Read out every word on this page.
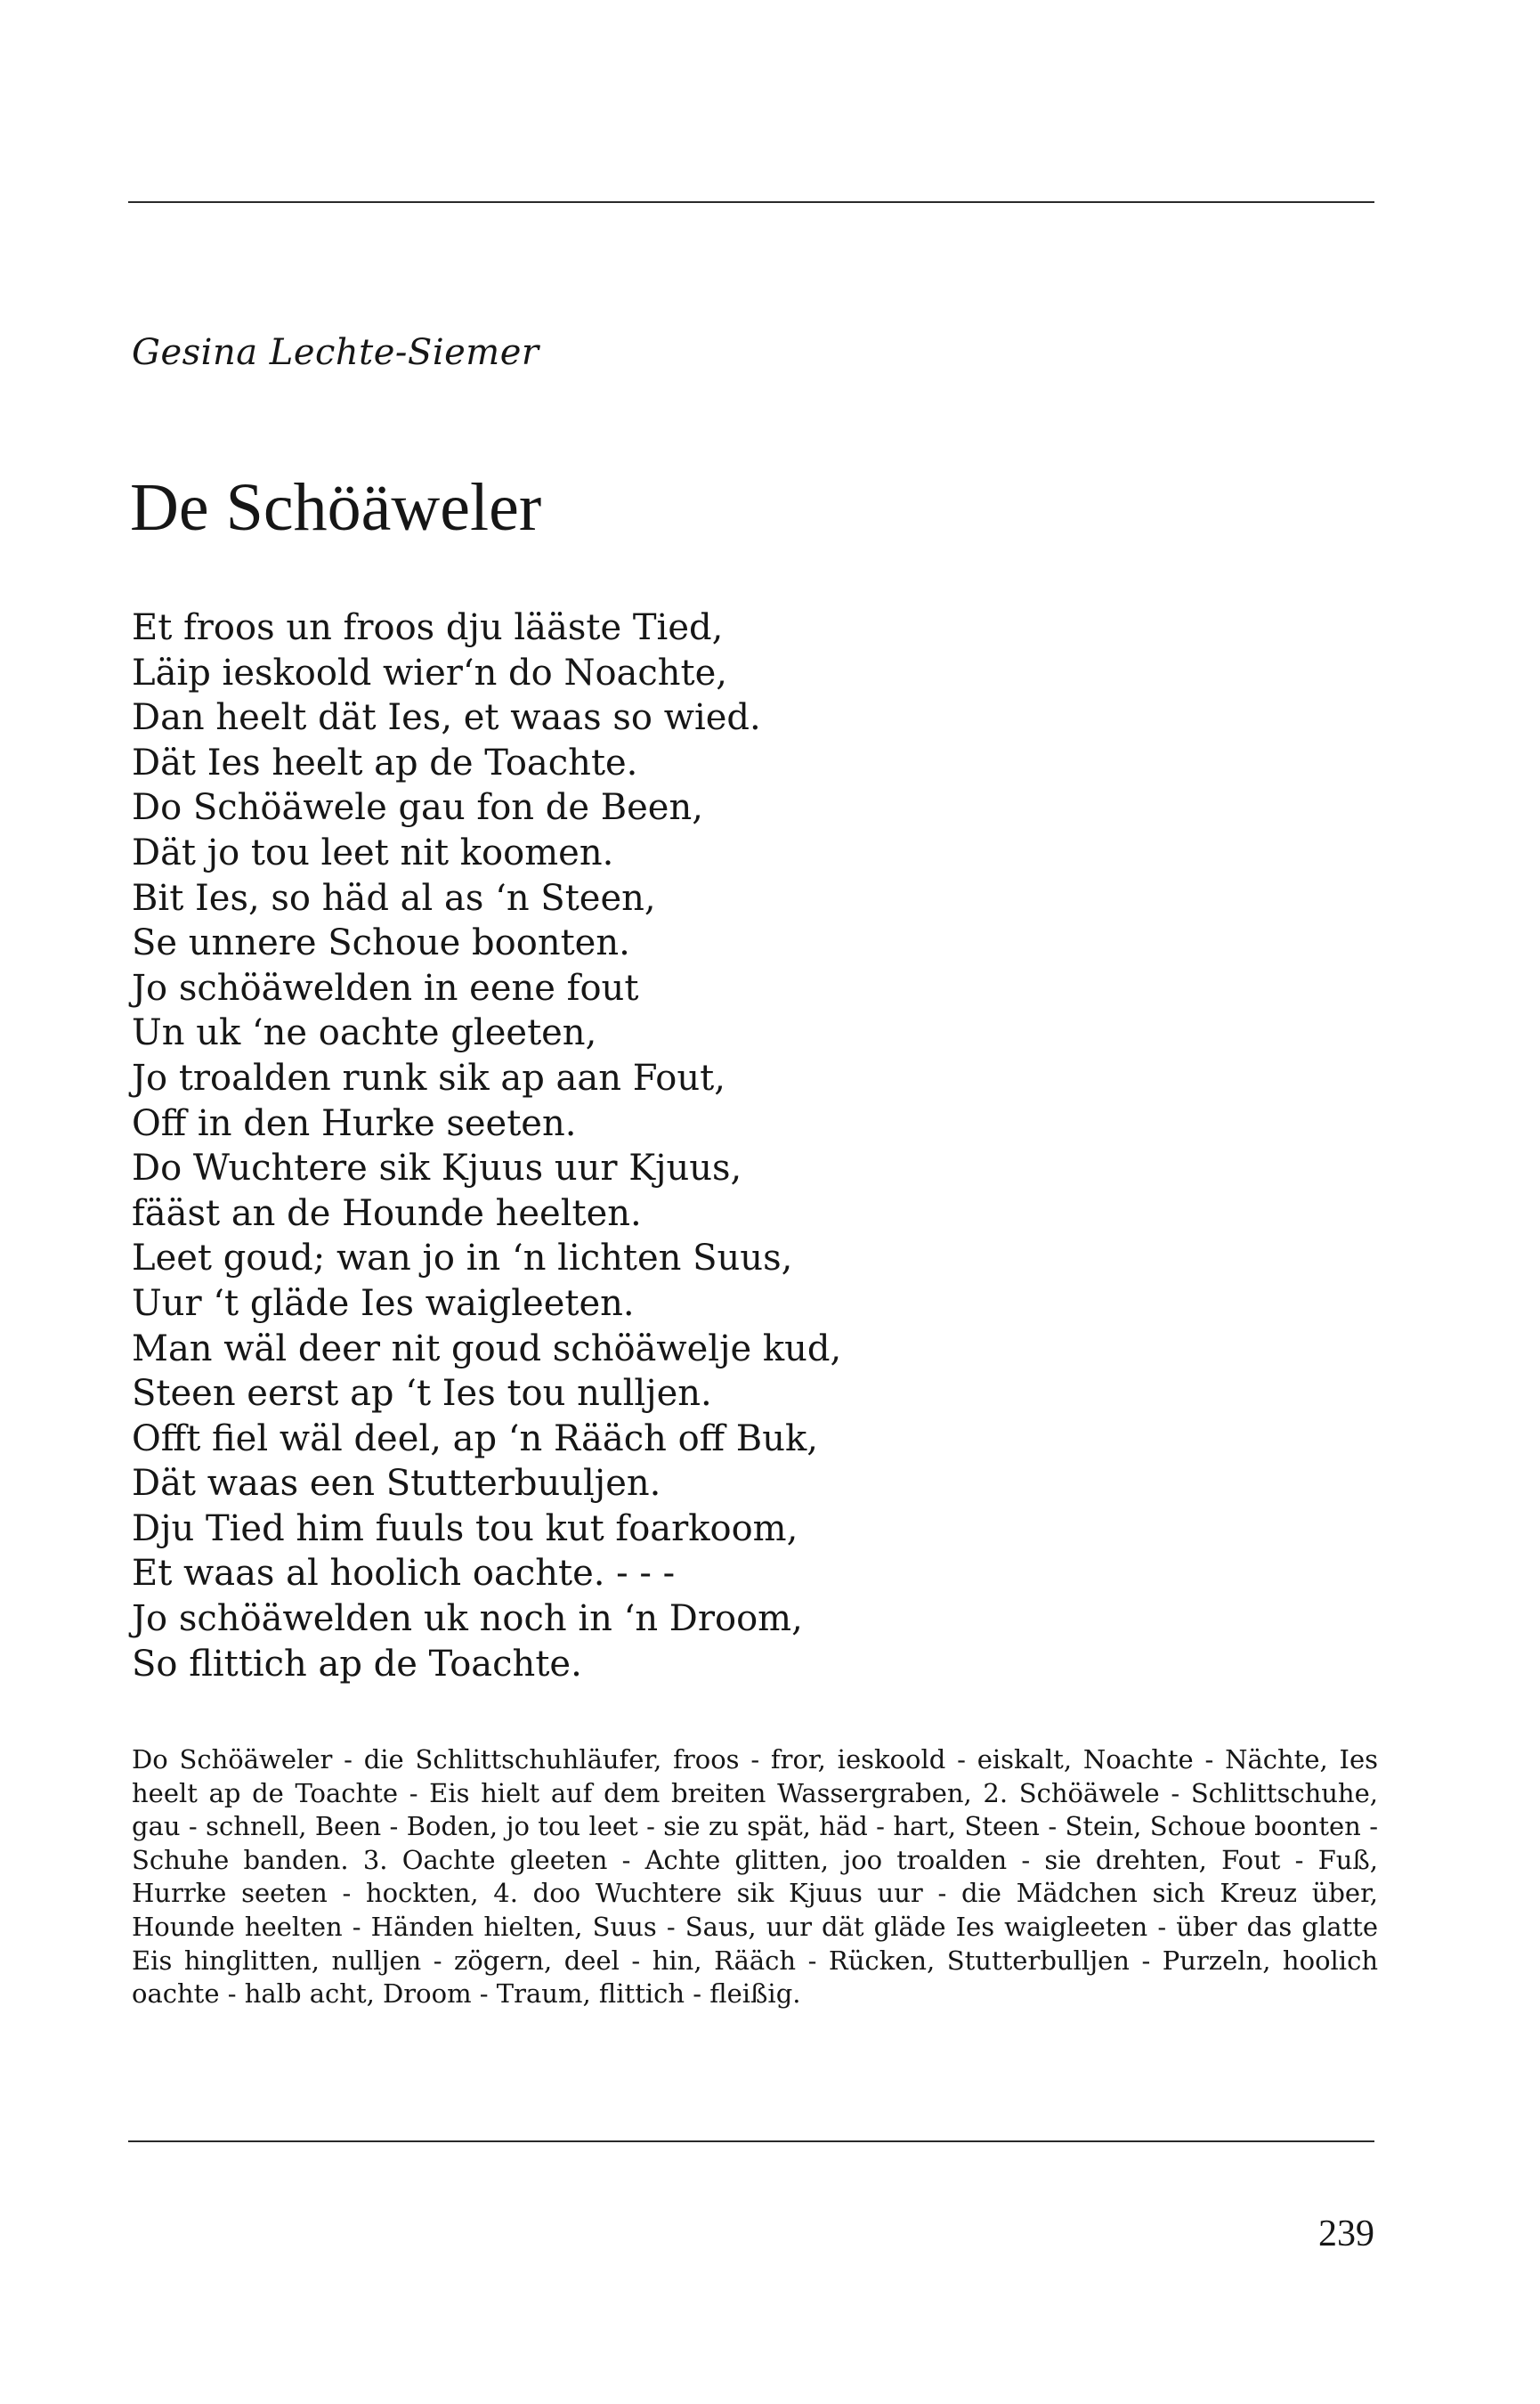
Gesina Lechte-Siemer
De Schöäweler
Et froos un froos dju lääste Tied,
Läip ieskoold wier‘n do Noachte,
Dan heelt dät Ies, et waas so wied.
Dät Ies heelt ap de Toachte.
Do Schöäwele gau fon de Been,
Dät jo tou leet nit koomen.
Bit Ies, so häd al as ‘n Steen,
Se unnere Schoue boonten.
Jo schöäwelden in eene fout
Un uk ‘ne oachte gleeten,
Jo troalden runk sik ap aan Fout,
Off in den Hurke seeten.
Do Wuchtere sik Kjuus uur Kjuus,
fääst an de Hounde heelten.
Leet goud; wan jo in ‘n lichten Suus,
Uur ‘t gläde Ies waigleeten.
Man wäl deer nit goud schöäwelje kud,
Steen eerst ap ‘t Ies tou nulljen.
Offt fiel wäl deel, ap ‘n Rääch off Buk,
Dät waas een Stutterbuuljen.
Dju Tied him fuuls tou kut foarkoom,
Et waas al hoolich oachte. - - -
Jo schöäwelden uk noch in ‘n Droom,
So flittich ap de Toachte.

Do Schöäweler - die Schlittschuhläufer, froos - fror, ieskoold - eiskalt, Noachte - Nächte, Ies heelt ap de Toachte - Eis hielt auf dem breiten Wassergraben, 2. Schöäwele - Schlittschuhe, gau - schnell, Been - Boden, jo tou leet - sie zu spät, häd - hart, Steen - Stein, Schoue boonten - Schuhe banden. 3. Oachte gleeten - Achte glitten, joo troalden - sie drehten, Fout - Fuß, Hurrke seeten - hockten, 4. doo Wuchtere sik Kjuus uur - die Mädchen sich Kreuz über, Hounde heelten - Händen hielten, Suus - Saus, uur dät gläde Ies waigleeten - über das glatte Eis hinglitten, nulljen - zögern, deel - hin, Rääch - Rücken, Stutterbulljen - Purzeln, hoolich oachte - halb acht, Droom - Traum, flittich - fleißig.

239
